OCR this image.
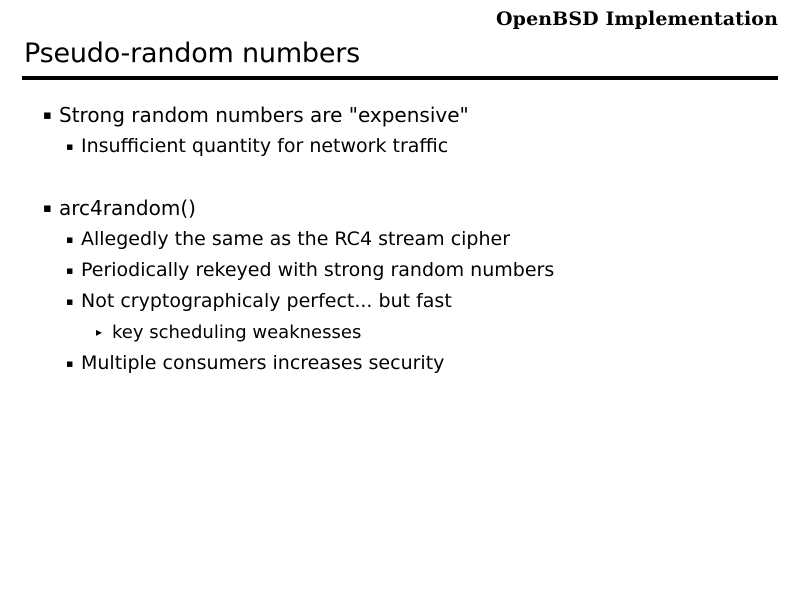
OpenBSD Implementation
Pseudo-random numbers
▪ Strong random numbers are "expensive"
▪ Insufficient quantity for network traffic
▪ arc4random()
▪ Allegedly the same as the RC4 stream cipher
▪ Periodically rekeyed with strong random numbers
▪ Not cryptographicaly perfect... but fast
▸ key scheduling weaknesses
▪ Multiple consumers increases security
